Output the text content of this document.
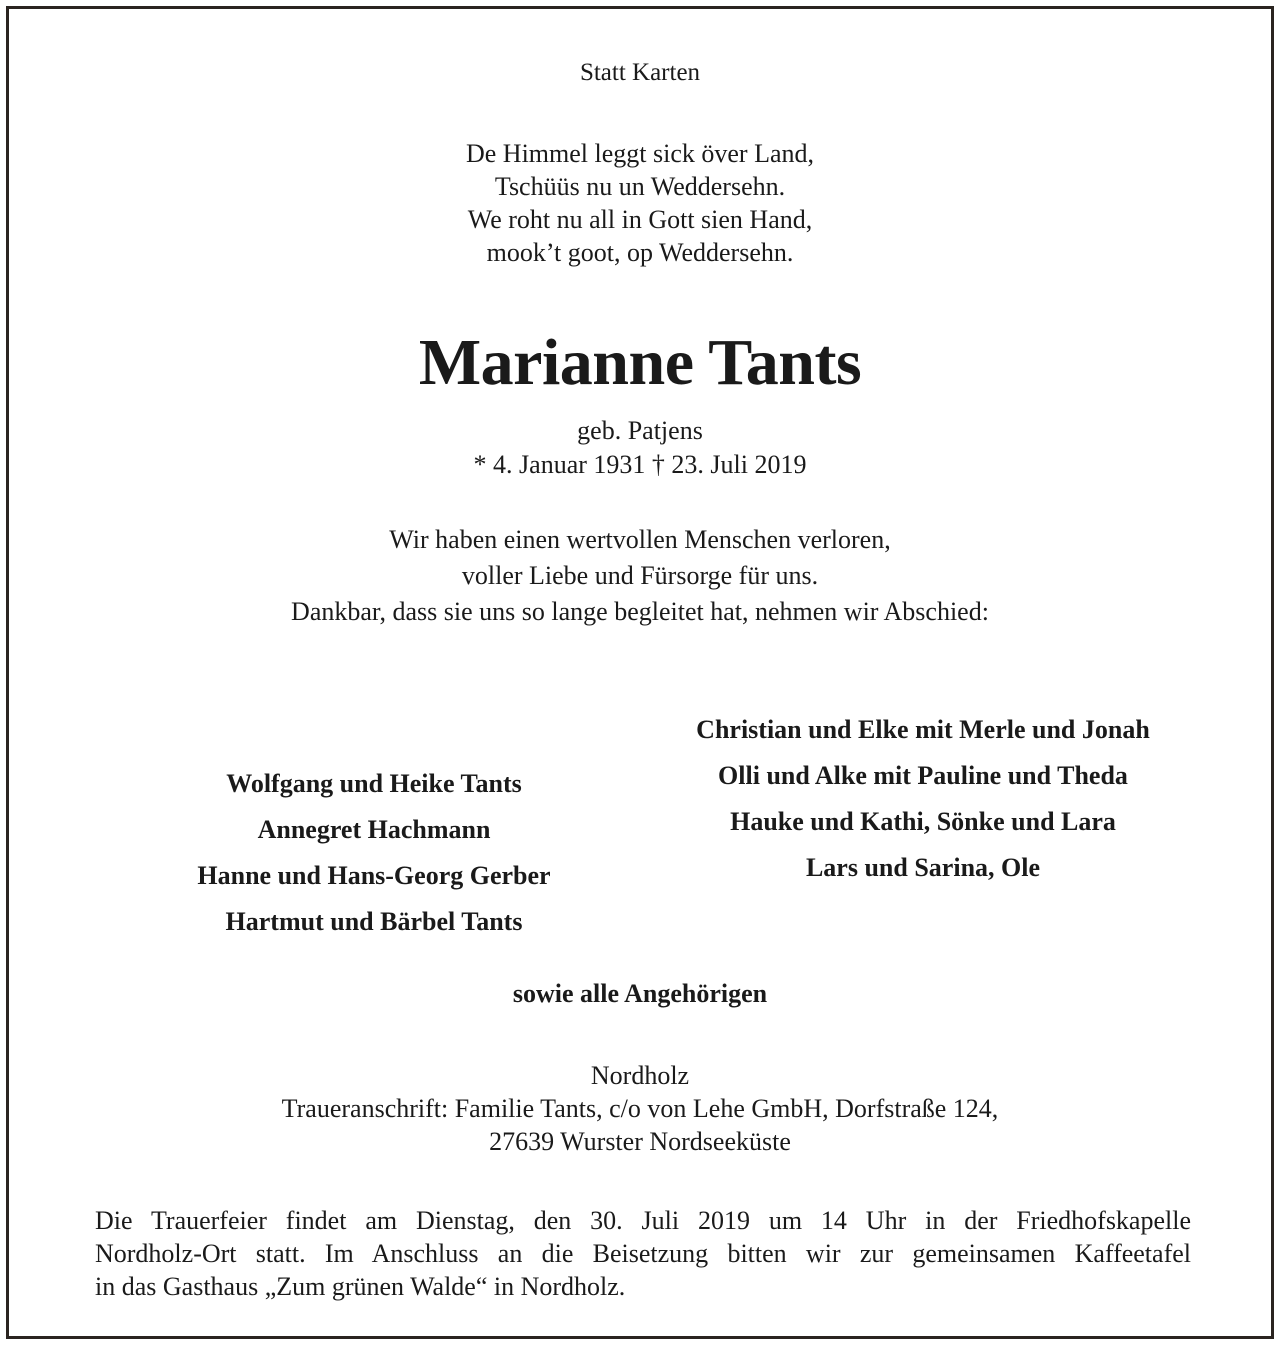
Statt Karten
De Himmel leggt sick över Land,
Tschüüs nu un Weddersehn.
We roht nu all in Gott sien Hand,
mook’t goot, op Weddersehn.
Marianne Tants
geb. Patjens
* 4. Januar 1931 † 23. Juli 2019
Wir haben einen wertvollen Menschen verloren,
voller Liebe und Fürsorge für uns.
Dankbar, dass sie uns so lange begleitet hat, nehmen wir Abschied:
Wolfgang und Heike Tants
Annegret Hachmann
Hanne und Hans-Georg Gerber
Hartmut und Bärbel Tants
Christian und Elke mit Merle und Jonah
Olli und Alke mit Pauline und Theda
Hauke und Kathi, Sönke und Lara
Lars und Sarina, Ole
sowie alle Angehörigen
Nordholz
Traueranschrift: Familie Tants, c/o von Lehe GmbH, Dorfstraße 124,
27639 Wurster Nordseeküste
Die Trauerfeier findet am Dienstag, den 30. Juli 2019 um 14 Uhr in der Friedhofskapelle
Nordholz-Ort statt. Im Anschluss an die Beisetzung bitten wir zur gemeinsamen Kaffeetafel
in das Gasthaus „Zum grünen Walde“ in Nordholz.
